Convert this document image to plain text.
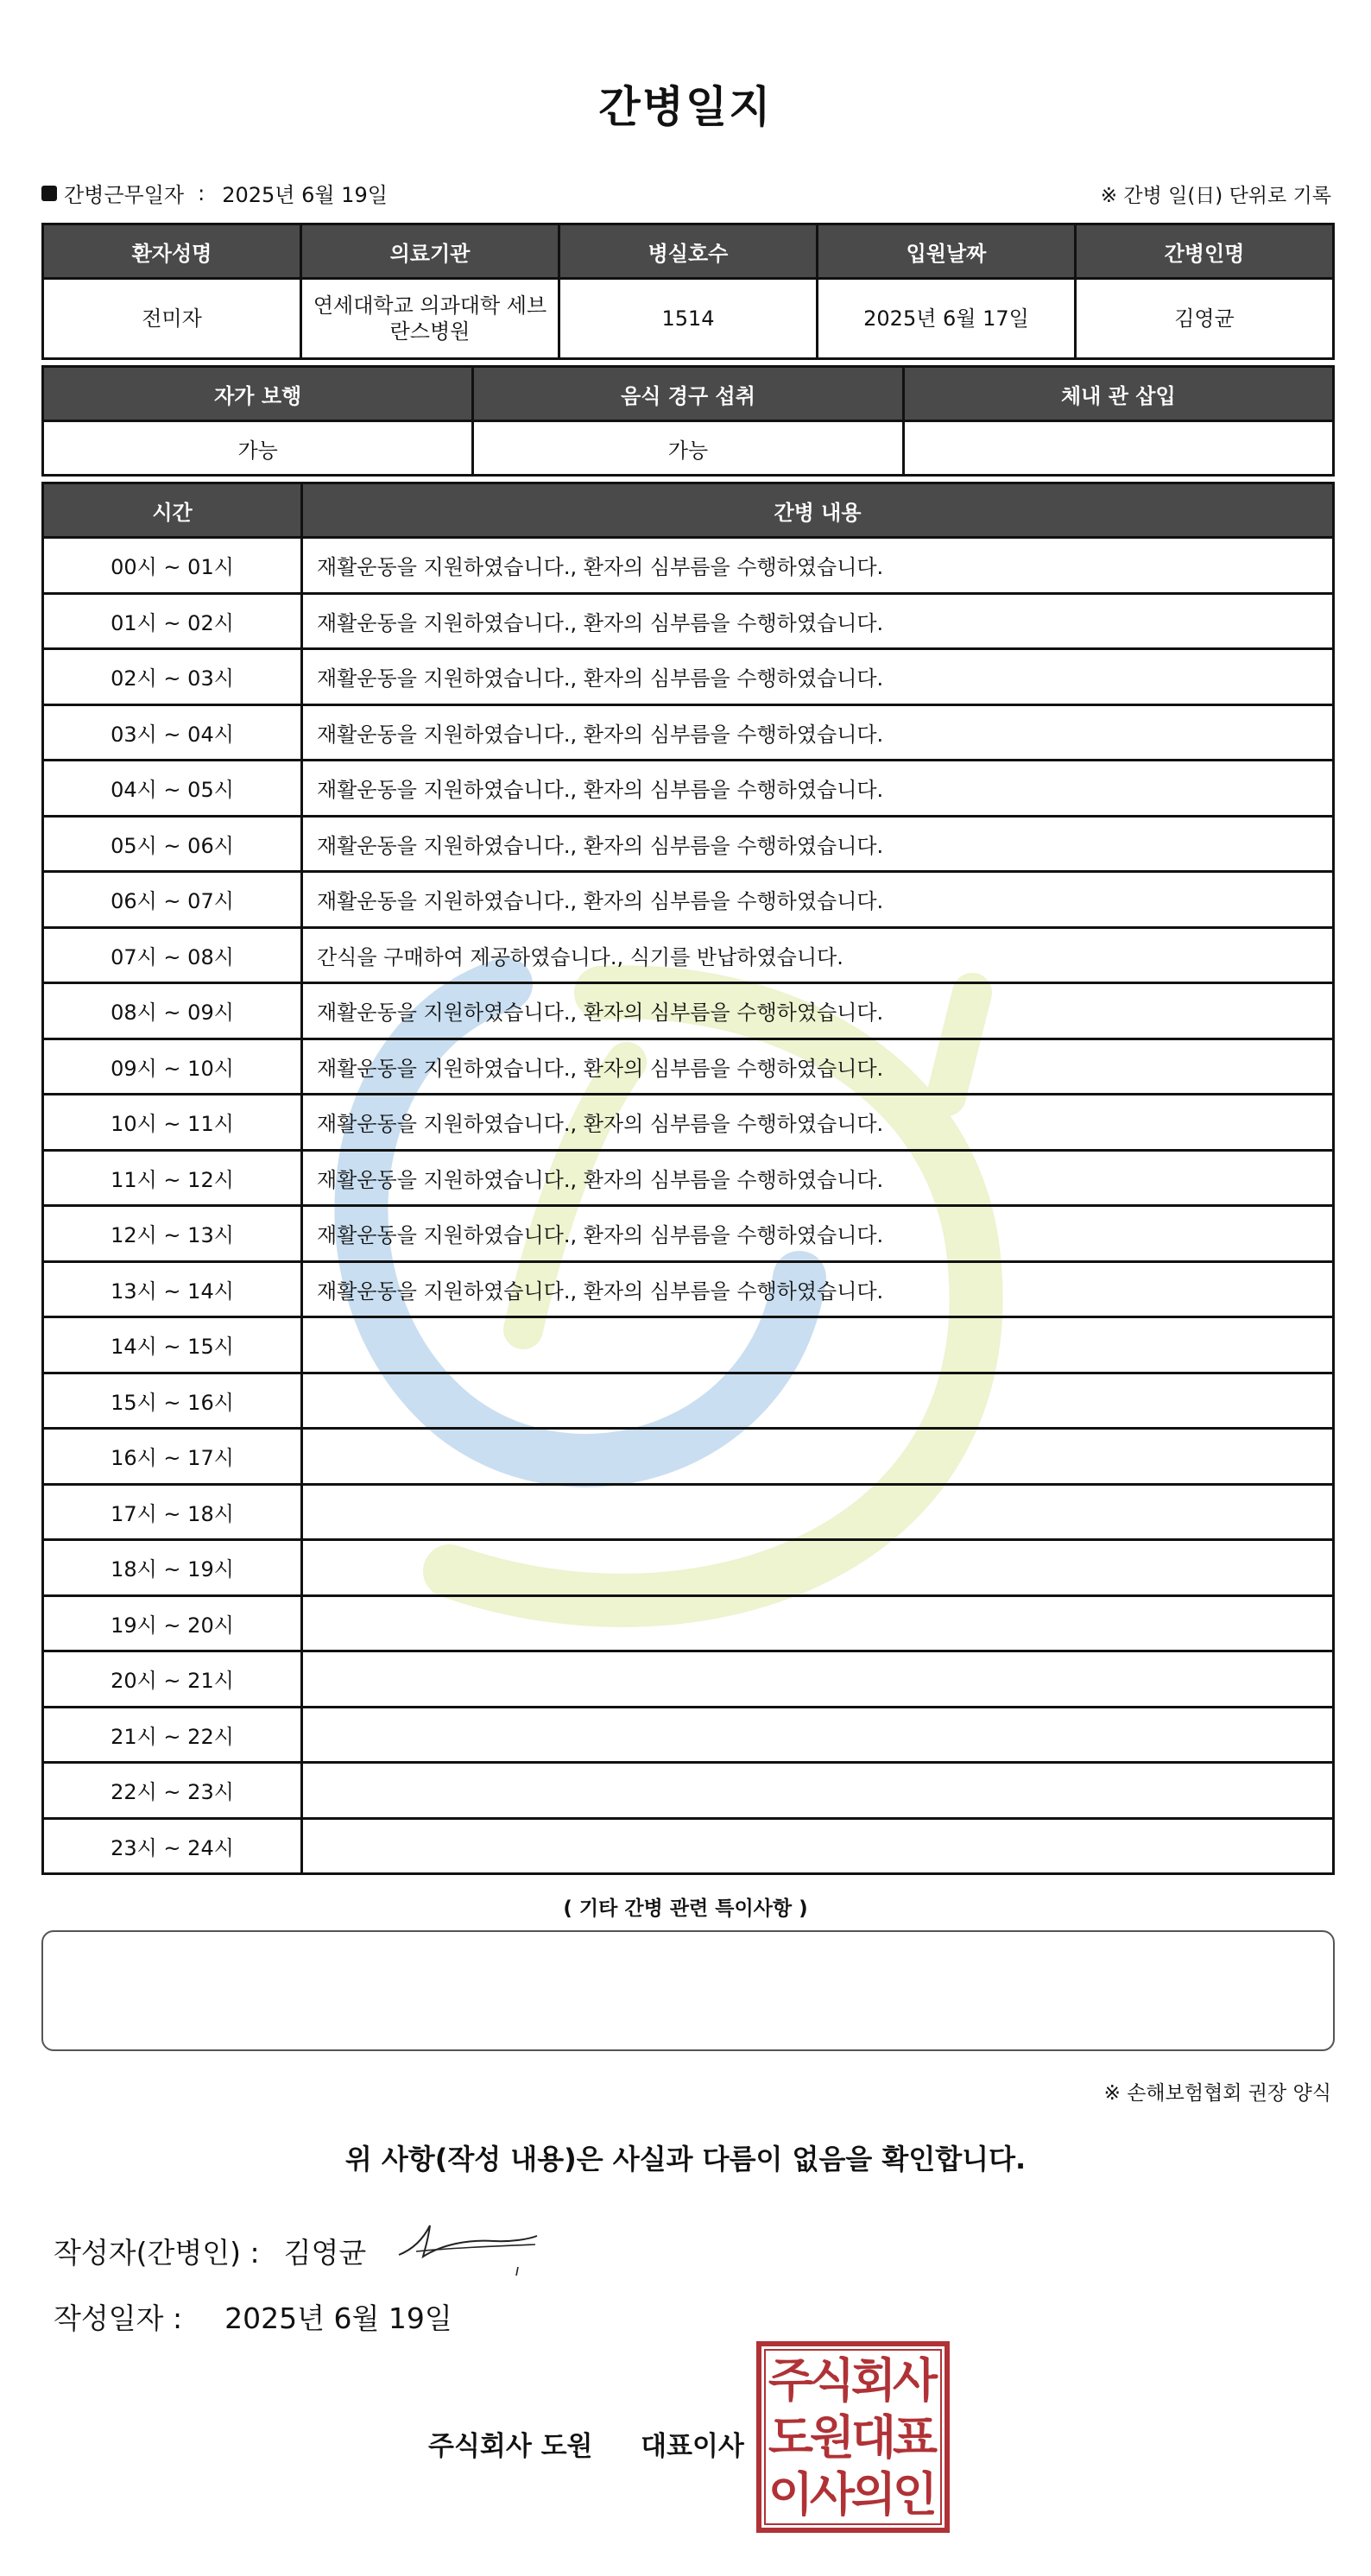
간병일지
간병근무일자 : 2025년 6월 19일	※ 간병 일(日) 단위로 기록
환자성명	의료기관	병실호수	입원날짜	간병인명
전미자	연세대학교 의과대학 세브란스병원	1514	2025년 6월 17일	김영균
자가 보행	음식 경구 섭취	체내 관 삽입
가능	가능	
시간	간병 내용
00시 ~ 01시	재활운동을 지원하였습니다., 환자의 심부름을 수행하였습니다.
01시 ~ 02시	재활운동을 지원하였습니다., 환자의 심부름을 수행하였습니다.
02시 ~ 03시	재활운동을 지원하였습니다., 환자의 심부름을 수행하였습니다.
03시 ~ 04시	재활운동을 지원하였습니다., 환자의 심부름을 수행하였습니다.
04시 ~ 05시	재활운동을 지원하였습니다., 환자의 심부름을 수행하였습니다.
05시 ~ 06시	재활운동을 지원하였습니다., 환자의 심부름을 수행하였습니다.
06시 ~ 07시	재활운동을 지원하였습니다., 환자의 심부름을 수행하였습니다.
07시 ~ 08시	간식을 구매하여 제공하였습니다., 식기를 반납하였습니다.
08시 ~ 09시	재활운동을 지원하였습니다., 환자의 심부름을 수행하였습니다.
09시 ~ 10시	재활운동을 지원하였습니다., 환자의 심부름을 수행하였습니다.
10시 ~ 11시	재활운동을 지원하였습니다., 환자의 심부름을 수행하였습니다.
11시 ~ 12시	재활운동을 지원하였습니다., 환자의 심부름을 수행하였습니다.
12시 ~ 13시	재활운동을 지원하였습니다., 환자의 심부름을 수행하였습니다.
13시 ~ 14시	재활운동을 지원하였습니다., 환자의 심부름을 수행하였습니다.
14시 ~ 15시	
15시 ~ 16시	
16시 ~ 17시	
17시 ~ 18시	
18시 ~ 19시	
19시 ~ 20시	
20시 ~ 21시	
21시 ~ 22시	
22시 ~ 23시	
23시 ~ 24시	
( 기타 간병 관련 특이사항 )
※ 손해보험협회 권장 양식
위 사항(작성 내용)은 사실과 다름이 없음을 확인합니다.
작성자(간병인) : 김영균
작성일자 : 2025년 6월 19일
주식회사 도원 대표이사
주
식
회
사
도
원
대
표
이
사
의
인
